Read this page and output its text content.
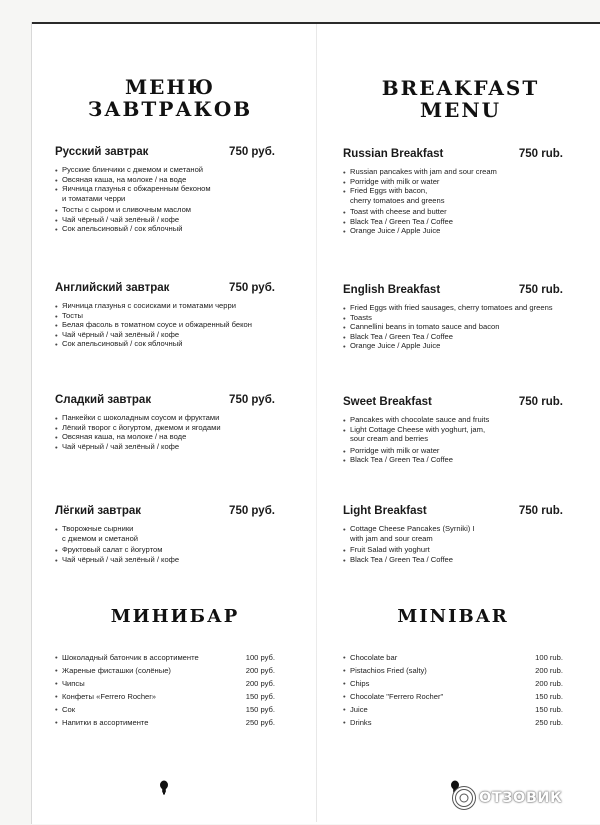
МЕНЮ
ЗАВТРАКОВ
Русский завтрак	750 руб.
• Русские блинчики с джемом и сметаной
• Овсяная каша, на молоке / на воде
• Яичница глазунья с обжаренным беконом
и томатами черри
• Тосты с сыром и сливочным маслом
• Чай чёрный / чай зелёный / кофе
• Сок апельсиновый / сок яблочный
Английский завтрак	750 руб.
• Яичница глазунья с сосисками и томатами черри
• Тосты
• Белая фасоль в томатном соусе и обжаренный бекон
• Чай чёрный / чай зелёный / кофе
• Сок апельсиновый / сок яблочный
Сладкий завтрак	750 руб.
• Панкейки с шоколадным соусом и фруктами
• Лёгкий творог с йогуртом, джемом и ягодами
• Овсяная каша, на молоке / на воде
• Чай чёрный / чай зелёный / кофе
Лёгкий завтрак	750 руб.
• Творожные сырники
с джемом и сметаной
• Фруктовый салат с йогуртом
• Чай чёрный / чай зелёный / кофе
МИНИБАР
• Шоколадный батончик в ассортименте	100 руб.
• Жареные фисташки (солёные)	200 руб.
• Чипсы	200 руб.
• Конфеты «Ferrero Rocher»	150 руб.
• Сок	150 руб.
• Напитки в ассортименте	250 руб.
BREAKFAST
MENU
Russian Breakfast	750 rub.
• Russian pancakes with jam and sour cream
• Porridge with milk or water
• Fried Eggs with bacon,
cherry tomatoes and greens
• Toast with cheese and butter
• Black Tea / Green Tea / Coffee
• Orange Juice / Apple Juice
English Breakfast	750 rub.
• Fried Eggs with fried sausages, cherry tomatoes and greens
• Toasts
• Cannellini beans in tomato sauce and bacon
• Black Tea / Green Tea / Coffee
• Orange Juice / Apple Juice
Sweet Breakfast	750 rub.
• Pancakes with chocolate sauce and fruits
• Light Cottage Cheese with yoghurt, jam,
sour cream and berries
• Porridge with milk or water
• Black Tea / Green Tea / Coffee
Light Breakfast	750 rub.
• Cottage Cheese Pancakes (Syrniki) I
with jam and sour cream
• Fruit Salad with yoghurt
• Black Tea / Green Tea / Coffee
MINIBAR
• Chocolate bar	100 rub.
• Pistachios Fried (salty)	200 rub.
• Chips	200 rub.
• Chocolate "Ferrero Rocher"	150 rub.
• Juice	150 rub.
• Drinks	250 rub.
ОТЗОВИК
